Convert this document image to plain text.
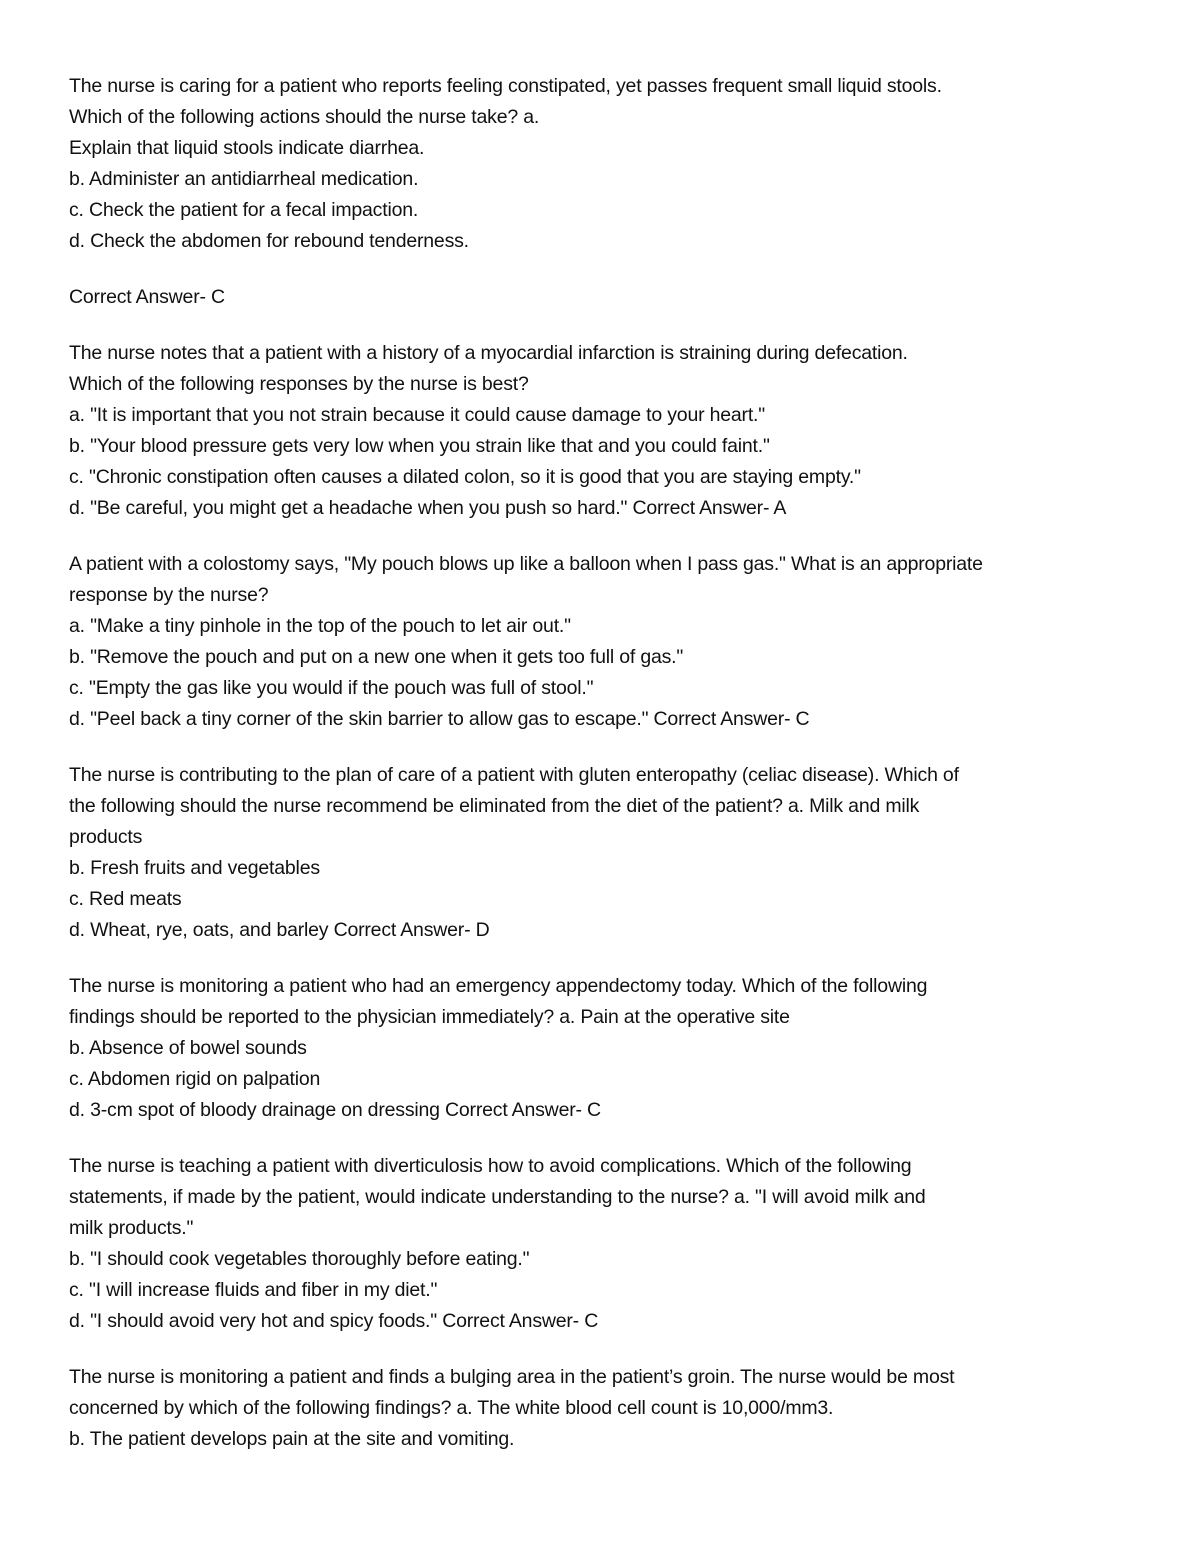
The nurse is caring for a patient who reports feeling constipated, yet passes frequent small liquid stools.
Which of the following actions should the nurse take? a.
Explain that liquid stools indicate diarrhea.
b. Administer an antidiarrheal medication.
c. Check the patient for a fecal impaction.
d. Check the abdomen for rebound tenderness.
Correct Answer- C
The nurse notes that a patient with a history of a myocardial infarction is straining during defecation.
Which of the following responses by the nurse is best?
a. "It is important that you not strain because it could cause damage to your heart."
b. "Your blood pressure gets very low when you strain like that and you could faint."
c. "Chronic constipation often causes a dilated colon, so it is good that you are staying empty."
d. "Be careful, you might get a headache when you push so hard." Correct Answer- A
A patient with a colostomy says, "My pouch blows up like a balloon when I pass gas." What is an appropriate
response by the nurse?
a. "Make a tiny pinhole in the top of the pouch to let air out."
b. "Remove the pouch and put on a new one when it gets too full of gas."
c. "Empty the gas like you would if the pouch was full of stool."
d. "Peel back a tiny corner of the skin barrier to allow gas to escape." Correct Answer- C
The nurse is contributing to the plan of care of a patient with gluten enteropathy (celiac disease). Which of
the following should the nurse recommend be eliminated from the diet of the patient? a. Milk and milk
products
b. Fresh fruits and vegetables
c. Red meats
d. Wheat, rye, oats, and barley Correct Answer- D
The nurse is monitoring a patient who had an emergency appendectomy today. Which of the following
findings should be reported to the physician immediately? a. Pain at the operative site
b. Absence of bowel sounds
c. Abdomen rigid on palpation
d. 3-cm spot of bloody drainage on dressing Correct Answer- C
The nurse is teaching a patient with diverticulosis how to avoid complications. Which of the following
statements, if made by the patient, would indicate understanding to the nurse? a. "I will avoid milk and
milk products."
b. "I should cook vegetables thoroughly before eating."
c. "I will increase fluids and fiber in my diet."
d. "I should avoid very hot and spicy foods." Correct Answer- C
The nurse is monitoring a patient and finds a bulging area in the patient’s groin. The nurse would be most
concerned by which of the following findings? a. The white blood cell count is 10,000/mm3.
b. The patient develops pain at the site and vomiting.
